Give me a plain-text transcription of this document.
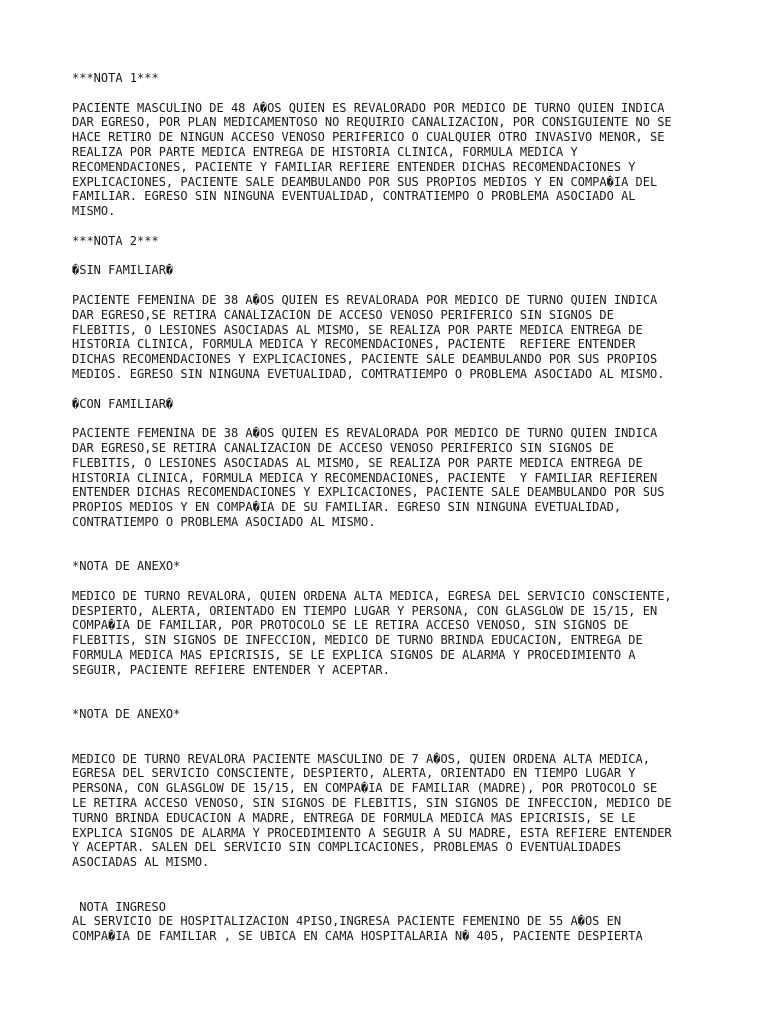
***NOTA 1***
PACIENTE MASCULINO DE 48 A�OS QUIEN ES REVALORADO POR MEDICO DE TURNO QUIEN INDICA
DAR EGRESO, POR PLAN MEDICAMENTOSO NO REQUIRIO CANALIZACION, POR CONSIGUIENTE NO SE
HACE RETIRO DE NINGUN ACCESO VENOSO PERIFERICO O CUALQUIER OTRO INVASIVO MENOR, SE
REALIZA POR PARTE MEDICA ENTREGA DE HISTORIA CLINICA, FORMULA MEDICA Y
RECOMENDACIONES, PACIENTE Y FAMILIAR REFIERE ENTENDER DICHAS RECOMENDACIONES Y
EXPLICACIONES, PACIENTE SALE DEAMBULANDO POR SUS PROPIOS MEDIOS Y EN COMPA�IA DEL
FAMILIAR. EGRESO SIN NINGUNA EVENTUALIDAD, CONTRATIEMPO O PROBLEMA ASOCIADO AL
MISMO.
***NOTA 2***
�SIN FAMILIAR�
PACIENTE FEMENINA DE 38 A�OS QUIEN ES REVALORADA POR MEDICO DE TURNO QUIEN INDICA
DAR EGRESO,SE RETIRA CANALIZACION DE ACCESO VENOSO PERIFERICO SIN SIGNOS DE
FLEBITIS, O LESIONES ASOCIADAS AL MISMO, SE REALIZA POR PARTE MEDICA ENTREGA DE
HISTORIA CLINICA, FORMULA MEDICA Y RECOMENDACIONES, PACIENTE  REFIERE ENTENDER
DICHAS RECOMENDACIONES Y EXPLICACIONES, PACIENTE SALE DEAMBULANDO POR SUS PROPIOS
MEDIOS. EGRESO SIN NINGUNA EVETUALIDAD, COMTRATIEMPO O PROBLEMA ASOCIADO AL MISMO.
�CON FAMILIAR�
PACIENTE FEMENINA DE 38 A�OS QUIEN ES REVALORADA POR MEDICO DE TURNO QUIEN INDICA
DAR EGRESO,SE RETIRA CANALIZACION DE ACCESO VENOSO PERIFERICO SIN SIGNOS DE
FLEBITIS, O LESIONES ASOCIADAS AL MISMO, SE REALIZA POR PARTE MEDICA ENTREGA DE
HISTORIA CLINICA, FORMULA MEDICA Y RECOMENDACIONES, PACIENTE  Y FAMILIAR REFIEREN
ENTENDER DICHAS RECOMENDACIONES Y EXPLICACIONES, PACIENTE SALE DEAMBULANDO POR SUS
PROPIOS MEDIOS Y EN COMPA�IA DE SU FAMILIAR. EGRESO SIN NINGUNA EVETUALIDAD,
CONTRATIEMPO O PROBLEMA ASOCIADO AL MISMO.
*NOTA DE ANEXO*
MEDICO DE TURNO REVALORA, QUIEN ORDENA ALTA MEDICA, EGRESA DEL SERVICIO CONSCIENTE,
DESPIERTO, ALERTA, ORIENTADO EN TIEMPO LUGAR Y PERSONA, CON GLASGLOW DE 15/15, EN
COMPA�IA DE FAMILIAR, POR PROTOCOLO SE LE RETIRA ACCESO VENOSO, SIN SIGNOS DE
FLEBITIS, SIN SIGNOS DE INFECCION, MEDICO DE TURNO BRINDA EDUCACION, ENTREGA DE
FORMULA MEDICA MAS EPICRISIS, SE LE EXPLICA SIGNOS DE ALARMA Y PROCEDIMIENTO A
SEGUIR, PACIENTE REFIERE ENTENDER Y ACEPTAR.
*NOTA DE ANEXO*
MEDICO DE TURNO REVALORA PACIENTE MASCULINO DE 7 A�OS, QUIEN ORDENA ALTA MEDICA,
EGRESA DEL SERVICIO CONSCIENTE, DESPIERTO, ALERTA, ORIENTADO EN TIEMPO LUGAR Y
PERSONA, CON GLASGLOW DE 15/15, EN COMPA�IA DE FAMILIAR (MADRE), POR PROTOCOLO SE
LE RETIRA ACCESO VENOSO, SIN SIGNOS DE FLEBITIS, SIN SIGNOS DE INFECCION, MEDICO DE
TURNO BRINDA EDUCACION A MADRE, ENTREGA DE FORMULA MEDICA MAS EPICRISIS, SE LE
EXPLICA SIGNOS DE ALARMA Y PROCEDIMIENTO A SEGUIR A SU MADRE, ESTA REFIERE ENTENDER
Y ACEPTAR. SALEN DEL SERVICIO SIN COMPLICACIONES, PROBLEMAS O EVENTUALIDADES
ASOCIADAS AL MISMO.
NOTA INGRESO
AL SERVICIO DE HOSPITALIZACION 4PISO,INGRESA PACIENTE FEMENINO DE 55 A�OS EN
COMPA�IA DE FAMILIAR , SE UBICA EN CAMA HOSPITALARIA N� 405, PACIENTE DESPIERTA
